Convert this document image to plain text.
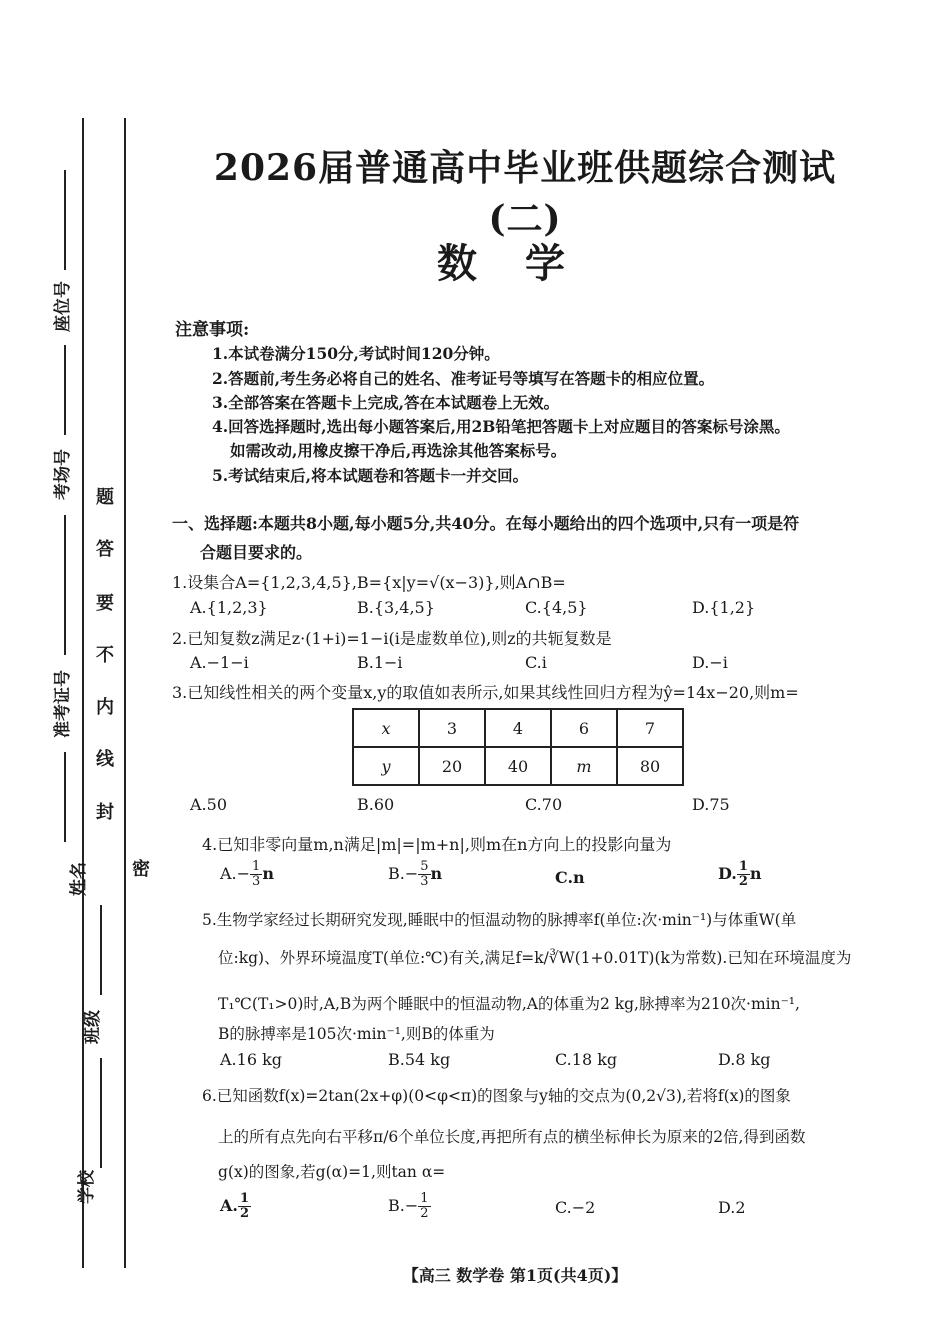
座位号
考场号
准考证号
姓名
班级
学校
题
答
要
不
内
线
封
密
2026届普通高中毕业班供题综合测试(二)
数学
注意事项:
1.本试卷满分150分,考试时间120分钟。
2.答题前,考生务必将自己的姓名、准考证号等填写在答题卡的相应位置。
3.全部答案在答题卡上完成,答在本试题卷上无效。
4.回答选择题时,选出每小题答案后,用2B铅笔把答题卡上对应题目的答案标号涂黑。
如需改动,用橡皮擦干净后,再选涂其他答案标号。
5.考试结束后,将本试题卷和答题卡一并交回。
一、选择题:本题共8小题,每小题5分,共40分。在每小题给出的四个选项中,只有一项是符
合题目要求的。
1.设集合A={1,2,3,4,5},B={x|y=√(x−3)},则A∩B=
A.{1,2,3}	B.{3,4,5}	C.{4,5}	D.{1,2}
2.已知复数z满足z·(1+i)=1−i(i是虚数单位),则z的共轭复数是
A.−1−i	B.1−i	C.i	D.−i
3.已知线性相关的两个变量x,y的取值如表所示,如果其线性回归方程为ŷ=14x−20,则m=
x	3	4	6	7
y	20	40	m	80
A.50	B.60	C.70	D.75
4.已知非零向量m,n满足|m|=|m+n|,则m在n方向上的投影向量为
$A.- \frac{1}{3}$ n	$B.- \frac{5}{3}$ n	C.n	D. $\frac{1}{2}$ n
5.生物学家经过长期研究发现,睡眠中的恒温动物的脉搏率f(单位:次·min⁻¹)与体重W(单
位:kg)、外界环境温度T(单位:℃)有关,满足f=k/∛W(1+0.01T)(k为常数).已知在环境温度为
T₁℃(T₁>0)时,A,B为两个睡眠中的恒温动物,A的体重为2 kg,脉搏率为210次·min⁻¹,
B的脉搏率是105次·min⁻¹,则B的体重为
A.16 kg	B.54 kg	C.18 kg	D.8 kg
6.已知函数f(x)=2tan(2x+φ)(0<φ<π)的图象与y轴的交点为(0,2√3),若将f(x)的图象
上的所有点先向右平移π/6个单位长度,再把所有点的横坐标伸长为原来的2倍,得到函数
g(x)的图象,若g(α)=1,则tan α=
A. $\frac{1}{2}$	$B.- \frac{1}{2}$	C.−2	D.2
【高三 数学卷 第1页(共4页)】
